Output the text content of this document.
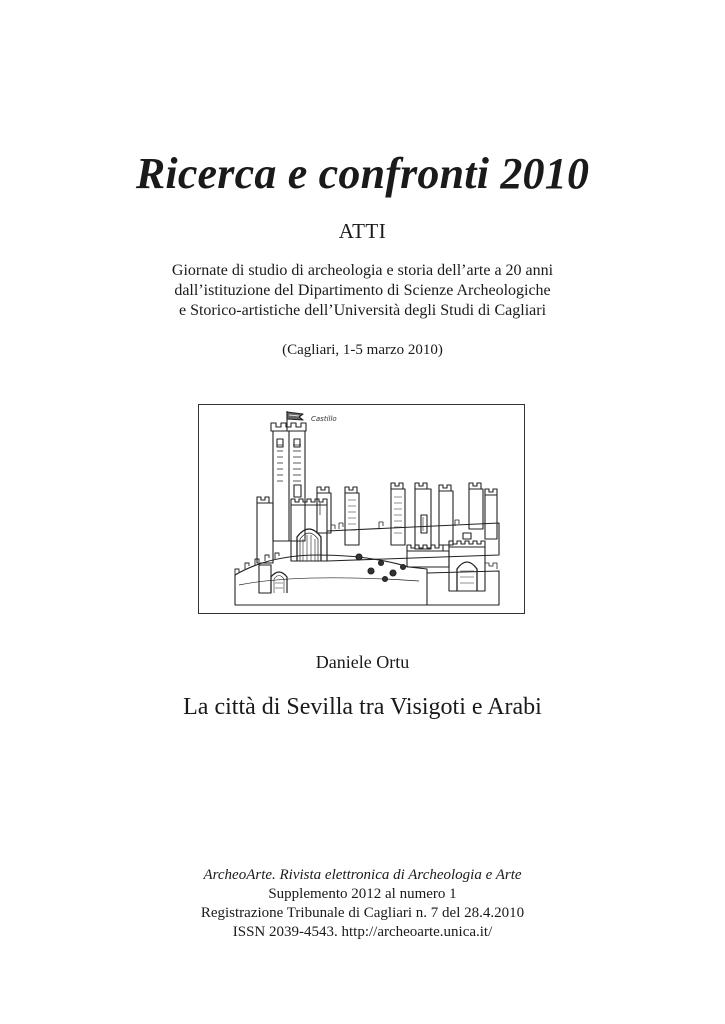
Ricerca e confronti 2010
ATTI
Giornate di studio di archeologia e storia dell’arte a 20 anni
dall’istituzione del Dipartimento di Scienze Archeologiche
e Storico-artistiche dell’Università degli Studi di Cagliari
(Cagliari, 1-5 marzo 2010)
Castillo
Daniele Ortu
La città di Sevilla tra Visigoti e Arabi
ArcheoArte. Rivista elettronica di Archeologia e Arte
Supplemento 2012 al numero 1
Registrazione Tribunale di Cagliari n. 7 del 28.4.2010
ISSN 2039-4543. http://archeoarte.unica.it/
